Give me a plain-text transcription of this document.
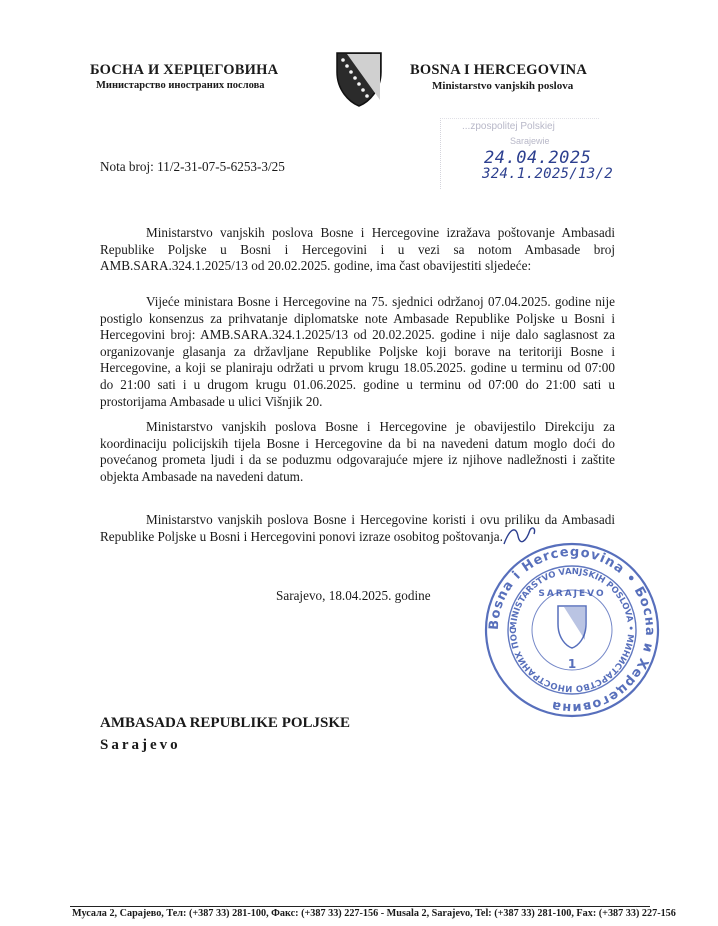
БОСНА И ХЕРЦЕГОВИНА
Министарство иностраних послова
BOSNA I HERCEGOVINA
Ministarstvo vanjskih poslova
...zpospolitej Polskiej
Sarajewie
24.04.2025
324.1.2025/13/2
Nota broj: 11/2-31-07-5-6253-3/25
Ministarstvo vanjskih poslova Bosne i Hercegovine izražava poštovanje Ambasadi Republike Poljske u Bosni i Hercegovini i u vezi sa notom Ambasade broj AMB.SARA.324.1.2025/13 od 20.02.2025. godine, ima čast obavijestiti sljedeće:
Vijeće ministara Bosne i Hercegovine na 75. sjednici održanoj 07.04.2025. godine nije postiglo konsenzus za prihvatanje diplomatske note Ambasade Republike Poljske u Bosni i Hercegovini broj: AMB.SARA.324.1.2025/13 od 20.02.2025. godine i nije dalo saglasnost za organizovanje glasanja za državljane Republike Poljske koji borave na teritoriji Bosne i Hercegovine, a koji se planiraju održati u prvom krugu 18.05.2025. godine u terminu od 07:00 do 21:00 sati i u drugom krugu 01.06.2025. godine u terminu od 07:00 do 21:00 sati u prostorijama Ambasade u ulici Višnjik 20.
Ministarstvo vanjskih poslova Bosne i Hercegovine je obavijestilo Direkciju za koordinaciju policijskih tijela Bosne i Hercegovine da bi na navedeni datum moglo doći do povećanog prometa ljudi i da se poduzmu odgovarajuće mjere iz njihove nadležnosti i zaštite objekta Ambasade na navedeni datum.
Ministarstvo vanjskih poslova Bosne i Hercegovine koristi i ovu priliku da Ambasadi Republike Poljske u Bosni i Hercegovini ponovi izraze osobitog poštovanja.
Sarajevo, 18.04.2025. godine
Bosna i Hercegovina • Босна и Херцеговина
MINISTARSTVO VANJSKIH POSLOVA • МИНИСТАРСТВО ИНОСТРАНИХ ПОС
1
SARAJEVO
AMBASADA REPUBLIKE POLJSKE
Sarajevo
Мусала 2, Сарајево, Тел: (+387 33) 281-100, Факс: (+387 33) 227-156 - Musala 2, Sarajevo, Tel: (+387 33) 281-100, Fax: (+387 33) 227-156
